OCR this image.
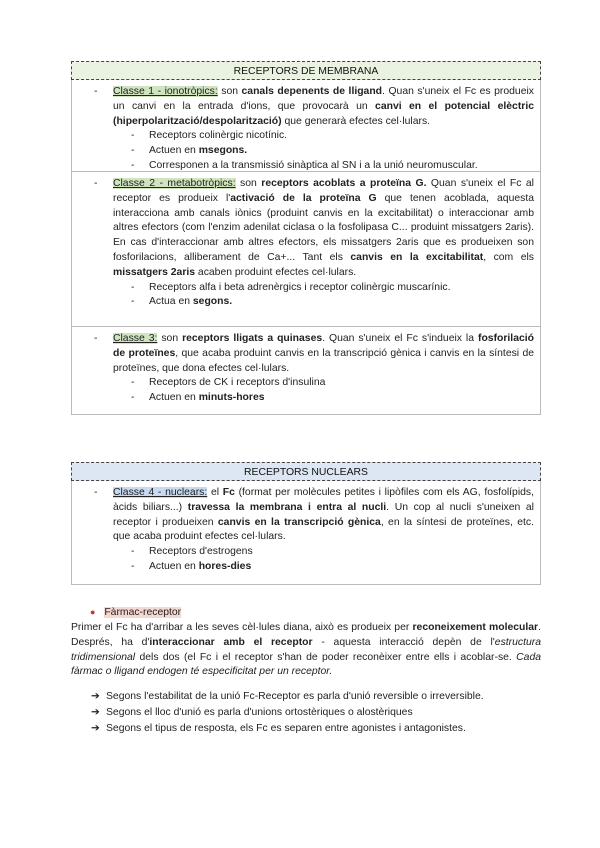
RECEPTORS DE MEMBRANA
- Classe 1 - ionotròpics: son canals depenents de lligand. Quan s'uneix el Fc es produeix un canvi en la entrada d'ions, que provocarà un canvi en el potencial elèctric (hiperpolarització/despolarització) que generarà efectes cel·lulars.
- Receptors colinèrgic nicotínic.
- Actuen en msegons.
- Corresponen a la transmissió sinàptica al SN i a la unió neuromuscular.
- Classe 2 - metabotròpics: son receptors acoblats a proteïna G. Quan s'uneix el Fc al receptor es produeix l'activació de la proteïna G que tenen acoblada, aquesta interacciona amb canals iònics (produint canvis en la excitabilitat) o interaccionar amb altres efectors (com l'enzim adenilat ciclasa o la fosfolipasa C... produint missatgers 2aris). En cas d'interaccionar amb altres efectors, els missatgers 2aris que es produeixen son fosforilacions, alliberament de Ca+... Tant els canvis en la excitabilitat, com els missatgers 2aris acaben produint efectes cel·lulars.
- Receptors alfa i beta adrenèrgics i receptor colinèrgic muscarínic.
- Actua en segons.
- Classe 3: son receptors lligats a quinases. Quan s'uneix el Fc s'indueix la fosforilació de proteïnes, que acaba produint canvis en la transcripció gènica i canvis en la síntesi de proteïnes, que dona efectes cel·lulars.
- Receptors de CK i receptors d'insulina
- Actuen en minuts-hores
RECEPTORS NUCLEARS
- Classe 4 - nuclears: el Fc (format per molècules petites i lipòfiles com els AG, fosfolípids, àcids biliars...) travessa la membrana i entra al nucli. Un cop al nucli s'uneixen al receptor i produeixen canvis en la transcripció gènica, en la síntesi de proteïnes, etc. que acaba produint efectes cel·lulars.
- Receptors d'estrogens
- Actuen en hores-dies
● Fàrmac-receptor
Primer el Fc ha d'arribar a les seves cèl·lules diana, això es produeix per reconeixement molecular. Després, ha d'interaccionar amb el receptor - aquesta interacció depèn de l'estructura tridimensional dels dos (el Fc i el receptor s'han de poder reconèixer entre ells i acoblar-se. Cada fàrmac o lligand endogen té especificitat per un receptor.
➔ Segons l'estabilitat de la unió Fc-Receptor es parla d'unió reversible o irreversible.
➔ Segons el lloc d'unió es parla d'unions ortostèriques o alostèriques
➔ Segons el tipus de resposta, els Fc es separen entre agonistes i antagonistes.
